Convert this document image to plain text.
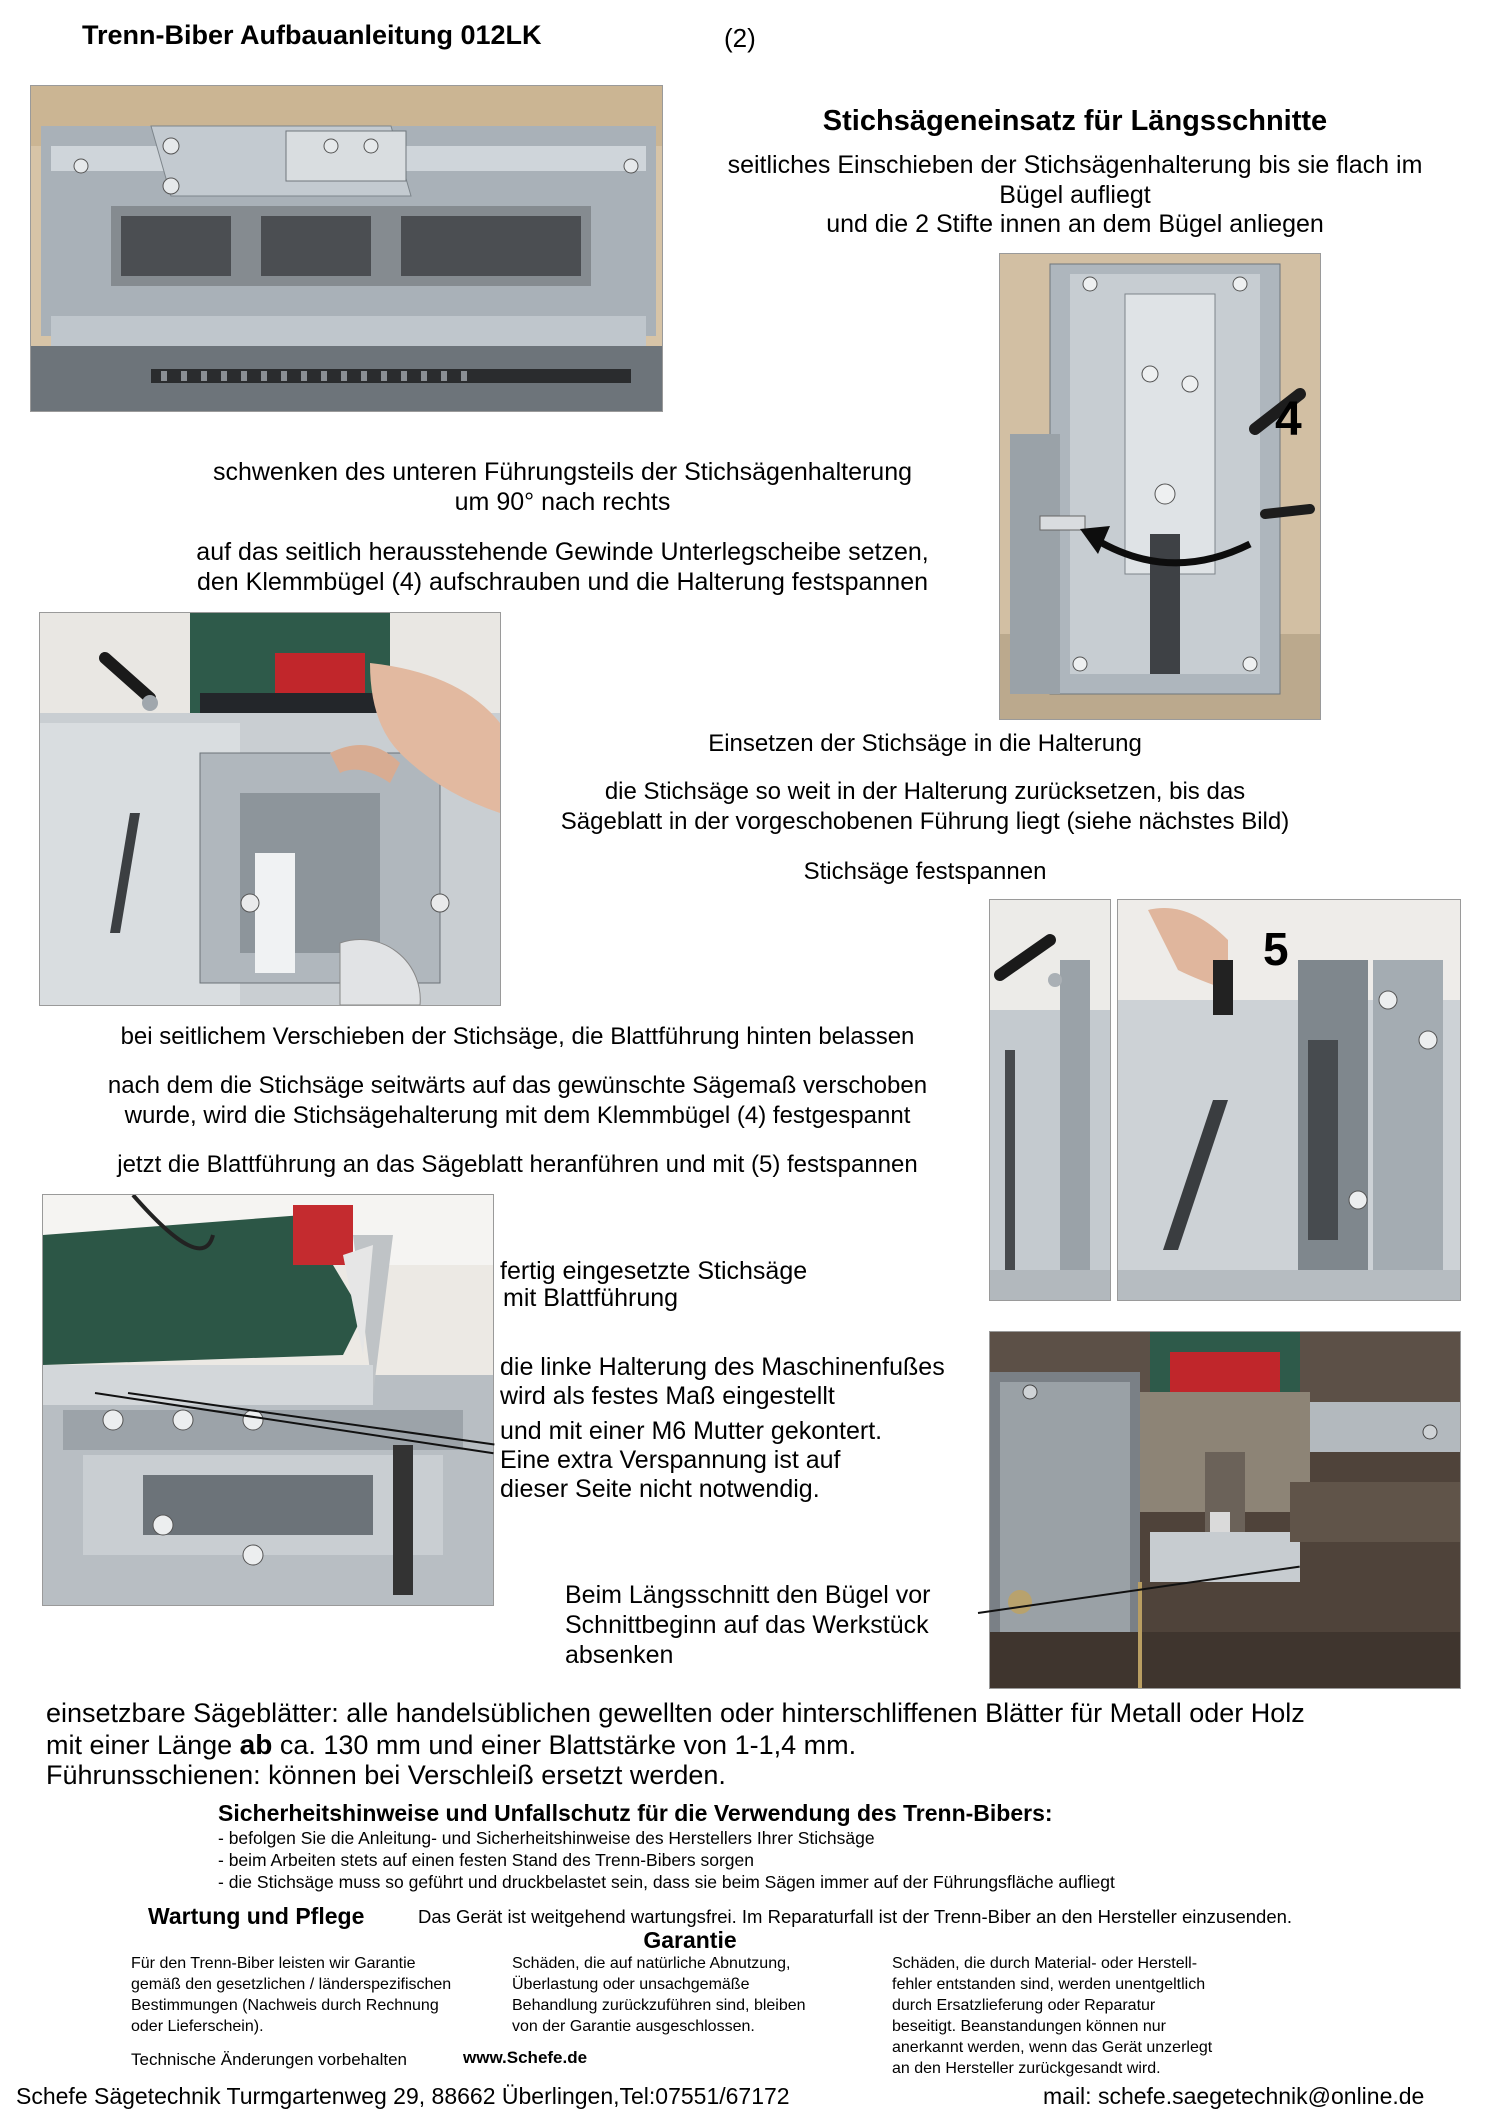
Trenn-Biber Aufbauanleitung 012LK	(2)
Stichsägeneinsatz für Längsschnitte
seitliches Einschieben der Stichsägenhalterung bis sie flach im
Bügel aufliegt
und die 2 Stifte innen an dem Bügel anliegen
4
schwenken des unteren Führungsteils der Stichsägenhalterung
um 90° nach rechts
auf das seitlich herausstehende Gewinde Unterlegscheibe setzen,
den Klemmbügel (4) aufschrauben und die Halterung festspannen
Einsetzen der Stichsäge in die Halterung
die Stichsäge so weit in der Halterung zurücksetzen, bis das
Sägeblatt in der vorgeschobenen Führung liegt (siehe nächstes Bild)
Stichsäge festspannen
5
bei seitlichem Verschieben der Stichsäge, die Blattführung hinten belassen
nach dem die Stichsäge seitwärts auf das gewünschte Sägemaß verschoben
wurde, wird die Stichsägehalterung mit dem Klemmbügel (4) festgespannt
jetzt die Blattführung an das Sägeblatt heranführen und mit (5) festspannen
fertig eingesetzte Stichsäge
mit Blattführung
die linke Halterung des Maschinenfußes
wird als festes Maß eingestellt
und mit einer M6 Mutter gekontert.
Eine extra Verspannung ist auf
dieser Seite nicht notwendig.
Beim Längsschnitt den Bügel vor
Schnittbeginn auf das Werkstück
absenken
einsetzbare Sägeblätter: alle handelsüblichen gewellten oder hinterschliffenen Blätter für Metall oder Holz
mit einer Länge ab ca. 130 mm und einer Blattstärke von 1-1,4 mm.
Führunsschienen: können bei Verschleiß ersetzt werden.
Sicherheitshinweise und Unfallschutz für die Verwendung des Trenn-Bibers:
- befolgen Sie die Anleitung- und Sicherheitshinweise des Herstellers Ihrer Stichsäge
- beim Arbeiten stets auf einen festen Stand des Trenn-Bibers sorgen
- die Stichsäge muss so geführt und druckbelastet sein, dass sie beim Sägen immer auf der Führungsfläche aufliegt
Wartung und Pflege	Das Gerät ist weitgehend wartungsfrei. Im Reparaturfall ist der Trenn-Biber an den Hersteller einzusenden.
Garantie
Für den Trenn-Biber leisten wir Garantie
gemäß den gesetzlichen / länderspezifischen
Bestimmungen (Nachweis durch Rechnung
oder Lieferschein).
Schäden, die auf natürliche Abnutzung,
Überlastung oder unsachgemäße
Behandlung zurückzuführen sind, bleiben
von der Garantie ausgeschlossen.
Schäden, die durch Material- oder Herstell-
fehler entstanden sind, werden unentgeltlich
durch Ersatzlieferung oder Reparatur
beseitigt. Beanstandungen können nur
anerkannt werden, wenn das Gerät unzerlegt
an den Hersteller zurückgesandt wird.
Technische Änderungen vorbehalten	www.Schefe.de
Schefe Sägetechnik Turmgartenweg 29, 88662 Überlingen,Tel:07551/67172	mail: schefe.saegetechnik@online.de
